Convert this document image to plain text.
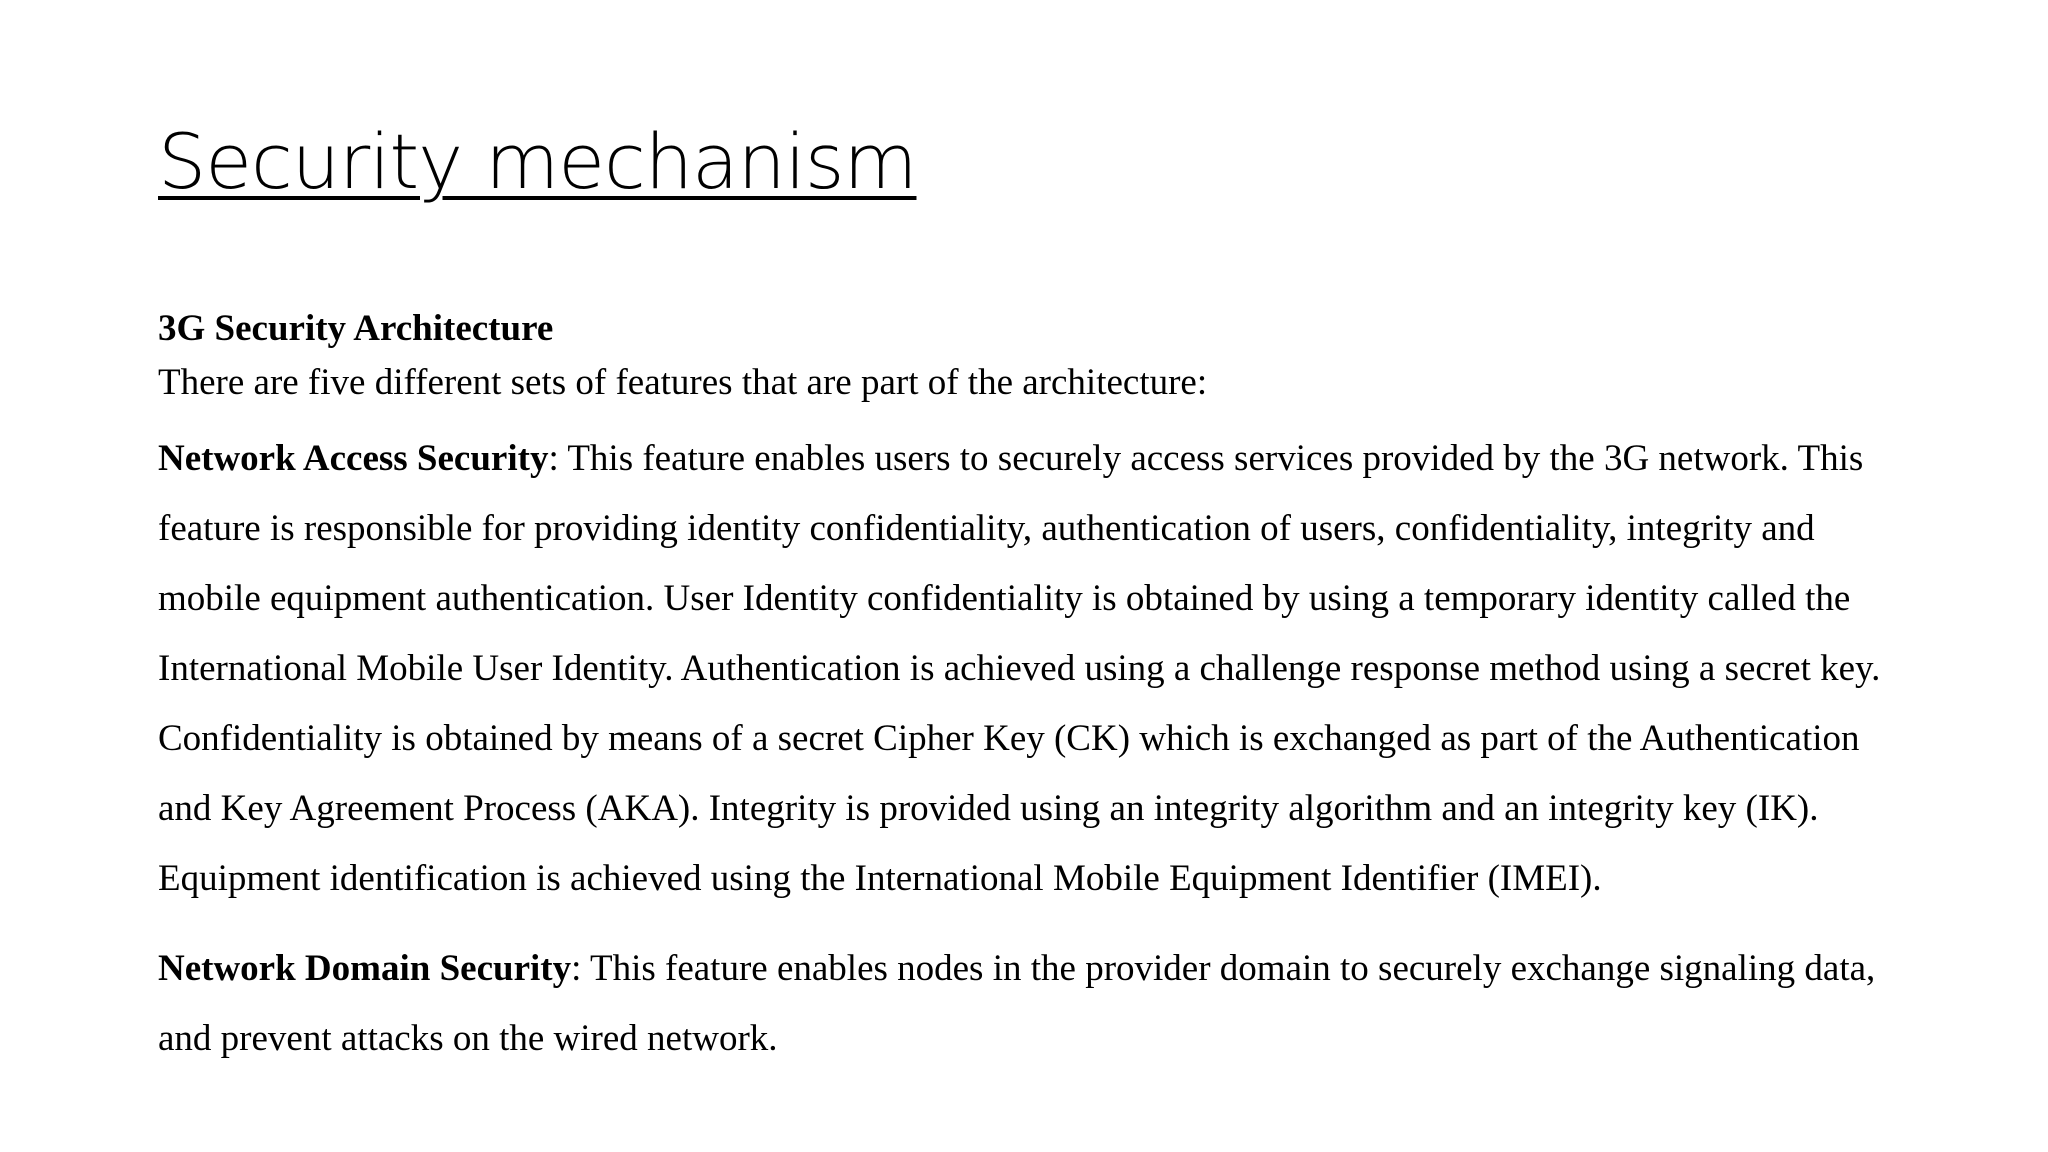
Security mechanism

3G Security Architecture

There are five different sets of features that are part of the architecture:

Network Access Security: This feature enables users to securely access services provided by the 3G network. This feature is responsible for providing identity confidentiality, authentication of users, confidentiality, integrity and mobile equipment authentication. User Identity confidentiality is obtained by using a temporary identity called the International Mobile User Identity. Authentication is achieved using a challenge response method using a secret key. Confidentiality is obtained by means of a secret Cipher Key (CK) which is exchanged as part of the Authentication and Key Agreement Process (AKA). Integrity is provided using an integrity algorithm and an integrity key (IK). Equipment identification is achieved using the International Mobile Equipment Identifier (IMEI).

Network Domain Security: This feature enables nodes in the provider domain to securely exchange signaling data, and prevent attacks on the wired network.
